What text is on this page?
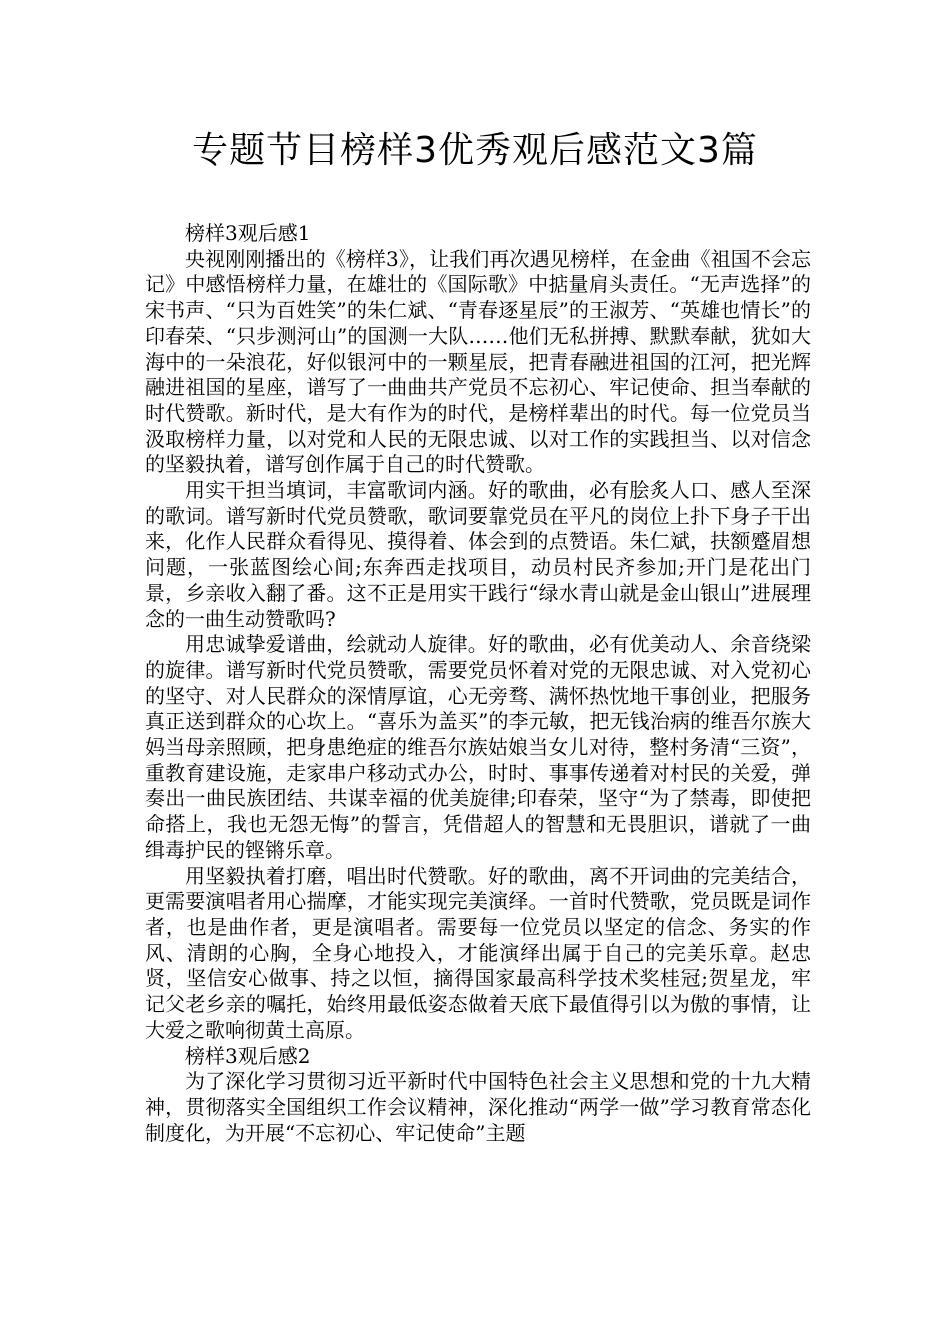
专题节目榜样3优秀观后感范文3篇

榜样3观后感1

央视刚刚播出的《榜样3》，让我们再次遇见榜样，在金曲《祖国不会忘记》中感悟榜样力量，在雄壮的《国际歌》中掂量肩头责任。“无声选择”的宋书声、“只为百姓笑”的朱仁斌、“青春逐星辰”的王淑芳、“英雄也情长”的印春荣、“只步测河山”的国测一大队……他们无私拼搏、默默奉献，犹如大海中的一朵浪花，好似银河中的一颗星辰，把青春融进祖国的江河，把光辉融进祖国的星座，谱写了一曲曲共产党员不忘初心、牢记使命、担当奉献的时代赞歌。新时代，是大有作为的时代，是榜样辈出的时代。每一位党员当汲取榜样力量，以对党和人民的无限忠诚、以对工作的实践担当、以对信念的坚毅执着，谱写创作属于自己的时代赞歌。

用实干担当填词，丰富歌词内涵。好的歌曲，必有脍炙人口、感人至深的歌词。谱写新时代党员赞歌，歌词要靠党员在平凡的岗位上扑下身子干出来，化作人民群众看得见、摸得着、体会到的点赞语。朱仁斌，扶额蹙眉想问题，一张蓝图绘心间;东奔西走找项目，动员村民齐参加;开门是花出门景，乡亲收入翻了番。这不正是用实干践行“绿水青山就是金山银山”进展理念的一曲生动赞歌吗?

用忠诚挚爱谱曲，绘就动人旋律。好的歌曲，必有优美动人、余音绕梁的旋律。谱写新时代党员赞歌，需要党员怀着对党的无限忠诚、对入党初心的坚守、对人民群众的深情厚谊，心无旁骛、满怀热忱地干事创业，把服务真正送到群众的心坎上。“喜乐为盖买”的李元敏，把无钱治病的维吾尔族大妈当母亲照顾，把身患绝症的维吾尔族姑娘当女儿对待，整村务清“三资”，重教育建设施，走家串户移动式办公，时时、事事传递着对村民的关爱，弹奏出一曲民族团结、共谋幸福的优美旋律;印春荣，坚守“为了禁毒，即使把命搭上，我也无怨无悔”的誓言，凭借超人的智慧和无畏胆识，谱就了一曲缉毒护民的铿锵乐章。

用坚毅执着打磨，唱出时代赞歌。好的歌曲，离不开词曲的完美结合，更需要演唱者用心揣摩，才能实现完美演绎。一首时代赞歌，党员既是词作者，也是曲作者，更是演唱者。需要每一位党员以坚定的信念、务实的作风、清朗的心胸，全身心地投入，才能演绎出属于自己的完美乐章。赵忠贤，坚信安心做事、持之以恒，摘得国家最高科学技术奖桂冠;贺星龙，牢记父老乡亲的嘱托，始终用最低姿态做着天底下最值得引以为傲的事情，让大爱之歌响彻黄土高原。

榜样3观后感2

为了深化学习贯彻习近平新时代中国特色社会主义思想和党的十九大精神，贯彻落实全国组织工作会议精神，深化推动“两学一做”学习教育常态化制度化，为开展“不忘初心、牢记使命”主题
